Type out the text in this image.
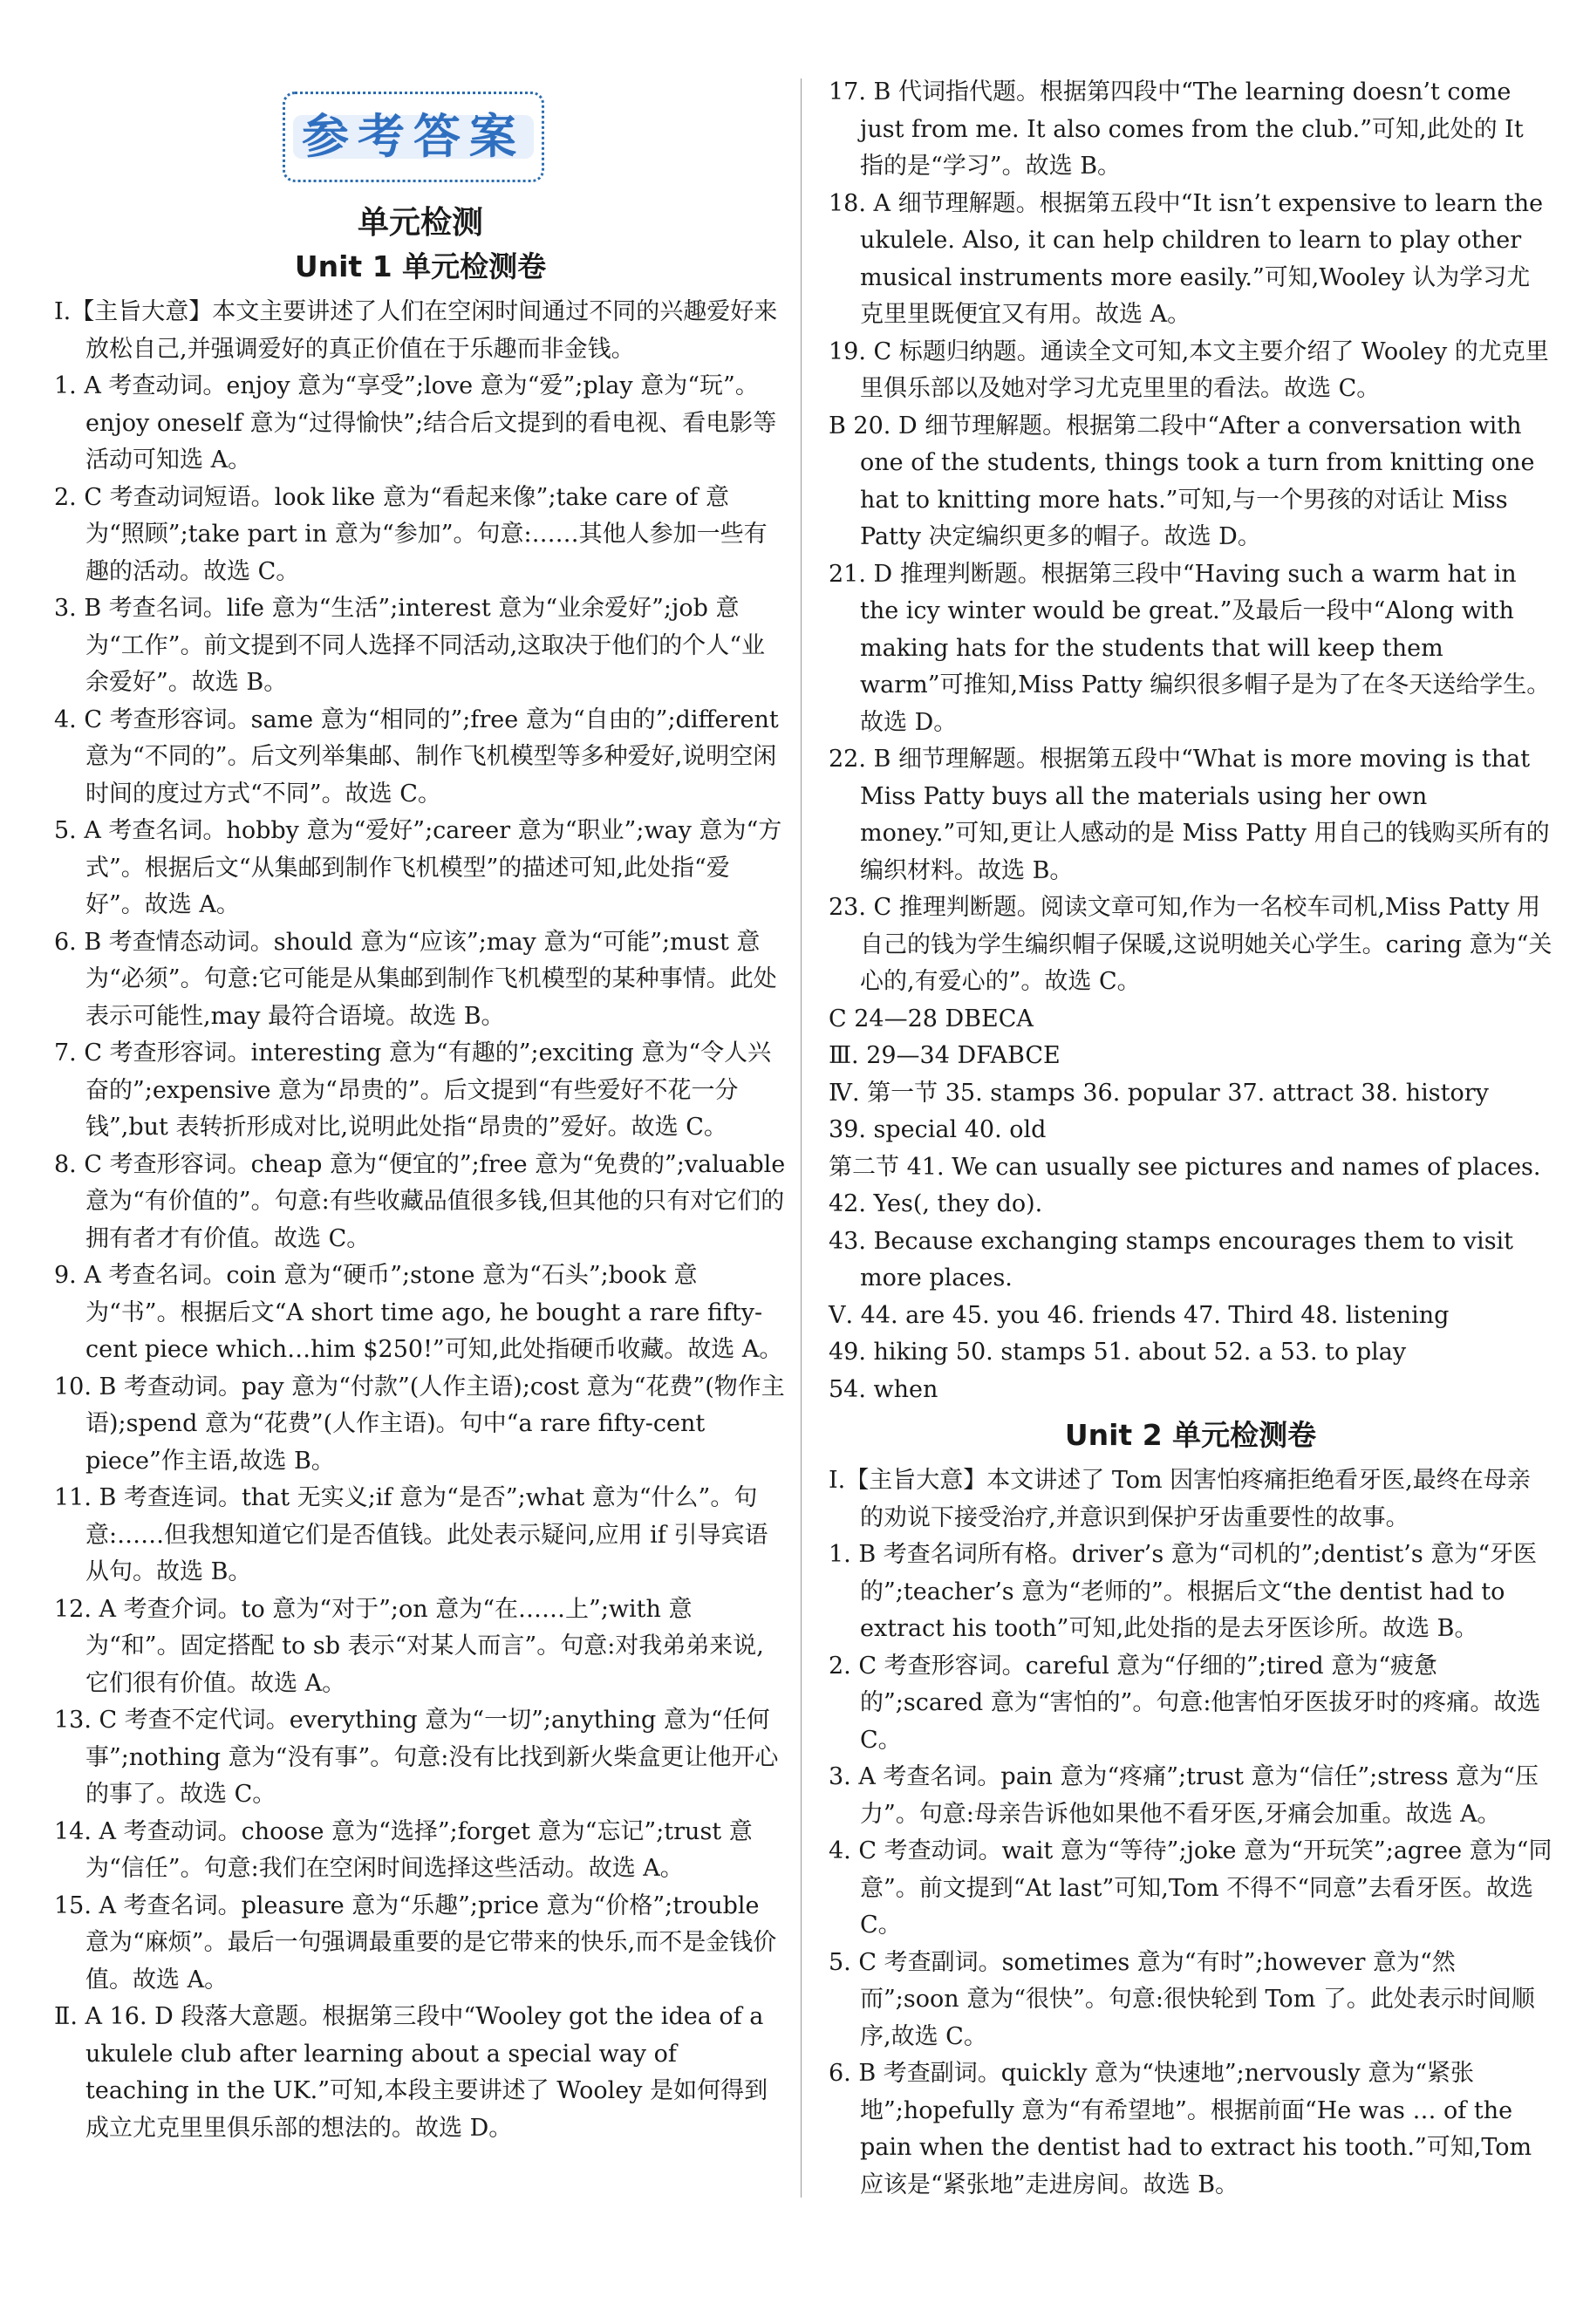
参考答案
单元检测
Unit 1 单元检测卷
Ⅰ.【主旨大意】本文主要讲述了人们在空闲时间通过不同的兴趣爱好来放松自己,并强调爱好的真正价值在于乐趣而非金钱。
1. A 考查动词。enjoy 意为“享受”;love 意为“爱”;play 意为“玩”。enjoy oneself 意为“过得愉快”;结合后文提到的看电视、看电影等活动可知选 A。
2. C 考查动词短语。look like 意为“看起来像”;take care of 意为“照顾”;take part in 意为“参加”。句意:……其他人参加一些有趣的活动。故选 C。
3. B 考查名词。life 意为“生活”;interest 意为“业余爱好”;job 意为“工作”。前文提到不同人选择不同活动,这取决于他们的个人“业余爱好”。故选 B。
4. C 考查形容词。same 意为“相同的”;free 意为“自由的”;different 意为“不同的”。后文列举集邮、制作飞机模型等多种爱好,说明空闲时间的度过方式“不同”。故选 C。
5. A 考查名词。hobby 意为“爱好”;career 意为“职业”;way 意为“方式”。根据后文“从集邮到制作飞机模型”的描述可知,此处指“爱好”。故选 A。
6. B 考查情态动词。should 意为“应该”;may 意为“可能”;must 意为“必须”。句意:它可能是从集邮到制作飞机模型的某种事情。此处表示可能性,may 最符合语境。故选 B。
7. C 考查形容词。interesting 意为“有趣的”;exciting 意为“令人兴奋的”;expensive 意为“昂贵的”。后文提到“有些爱好不花一分钱”,but 表转折形成对比,说明此处指“昂贵的”爱好。故选 C。
8. C 考查形容词。cheap 意为“便宜的”;free 意为“免费的”;valuable 意为“有价值的”。句意:有些收藏品值很多钱,但其他的只有对它们的拥有者才有价值。故选 C。
9. A 考查名词。coin 意为“硬币”;stone 意为“石头”;book 意为“书”。根据后文“A short time ago, he bought a rare fifty-cent piece which…him $250!”可知,此处指硬币收藏。故选 A。
10. B 考查动词。pay 意为“付款”(人作主语);cost 意为“花费”(物作主语);spend 意为“花费”(人作主语)。句中“a rare fifty-cent piece”作主语,故选 B。
11. B 考查连词。that 无实义;if 意为“是否”;what 意为“什么”。句意:……但我想知道它们是否值钱。此处表示疑问,应用 if 引导宾语从句。故选 B。
12. A 考查介词。to 意为“对于”;on 意为“在……上”;with 意为“和”。固定搭配 to sb 表示“对某人而言”。句意:对我弟弟来说,它们很有价值。故选 A。
13. C 考查不定代词。everything 意为“一切”;anything 意为“任何事”;nothing 意为“没有事”。句意:没有比找到新火柴盒更让他开心的事了。故选 C。
14. A 考查动词。choose 意为“选择”;forget 意为“忘记”;trust 意为“信任”。句意:我们在空闲时间选择这些活动。故选 A。
15. A 考查名词。pleasure 意为“乐趣”;price 意为“价格”;trouble 意为“麻烦”。最后一句强调最重要的是它带来的快乐,而不是金钱价值。故选 A。
Ⅱ. A 16. D 段落大意题。根据第三段中“Wooley got the idea of a ukulele club after learning about a special way of teaching in the UK.”可知,本段主要讲述了 Wooley 是如何得到成立尤克里里俱乐部的想法的。故选 D。
17. B 代词指代题。根据第四段中“The learning doesn’t come just from me. It also comes from the club.”可知,此处的 It 指的是“学习”。故选 B。
18. A 细节理解题。根据第五段中“It isn’t expensive to learn the ukulele. Also, it can help children to learn to play other musical instruments more easily.”可知,Wooley 认为学习尤克里里既便宜又有用。故选 A。
19. C 标题归纳题。通读全文可知,本文主要介绍了 Wooley 的尤克里里俱乐部以及她对学习尤克里里的看法。故选 C。
B 20. D 细节理解题。根据第二段中“After a conversation with one of the students, things took a turn from knitting one hat to knitting more hats.”可知,与一个男孩的对话让 Miss Patty 决定编织更多的帽子。故选 D。
21. D 推理判断题。根据第三段中“Having such a warm hat in the icy winter would be great.”及最后一段中“Along with making hats for the students that will keep them warm”可推知,Miss Patty 编织很多帽子是为了在冬天送给学生。故选 D。
22. B 细节理解题。根据第五段中“What is more moving is that Miss Patty buys all the materials using her own money.”可知,更让人感动的是 Miss Patty 用自己的钱购买所有的编织材料。故选 B。
23. C 推理判断题。阅读文章可知,作为一名校车司机,Miss Patty 用自己的钱为学生编织帽子保暖,这说明她关心学生。caring 意为“关心的,有爱心的”。故选 C。
C 24—28 DBECA
Ⅲ. 29—34 DFABCE
Ⅳ. 第一节 35. stamps 36. popular 37. attract 38. history
39. special 40. old
第二节 41. We can usually see pictures and names of places.
42. Yes(, they do).
43. Because exchanging stamps encourages them to visit more places.
Ⅴ. 44. are 45. you 46. friends 47. Third 48. listening
49. hiking 50. stamps 51. about 52. a 53. to play
54. when
Unit 2 单元检测卷
Ⅰ.【主旨大意】本文讲述了 Tom 因害怕疼痛拒绝看牙医,最终在母亲的劝说下接受治疗,并意识到保护牙齿重要性的故事。
1. B 考查名词所有格。driver’s 意为“司机的”;dentist’s 意为“牙医的”;teacher’s 意为“老师的”。根据后文“the dentist had to extract his tooth”可知,此处指的是去牙医诊所。故选 B。
2. C 考查形容词。careful 意为“仔细的”;tired 意为“疲惫的”;scared 意为“害怕的”。句意:他害怕牙医拔牙时的疼痛。故选 C。
3. A 考查名词。pain 意为“疼痛”;trust 意为“信任”;stress 意为“压力”。句意:母亲告诉他如果他不看牙医,牙痛会加重。故选 A。
4. C 考查动词。wait 意为“等待”;joke 意为“开玩笑”;agree 意为“同意”。前文提到“At last”可知,Tom 不得不“同意”去看牙医。故选 C。
5. C 考查副词。sometimes 意为“有时”;however 意为“然而”;soon 意为“很快”。句意:很快轮到 Tom 了。此处表示时间顺序,故选 C。
6. B 考查副词。quickly 意为“快速地”;nervously 意为“紧张地”;hopefully 意为“有希望地”。根据前面“He was … of the pain when the dentist had to extract his tooth.”可知,Tom 应该是“紧张地”走进房间。故选 B。
